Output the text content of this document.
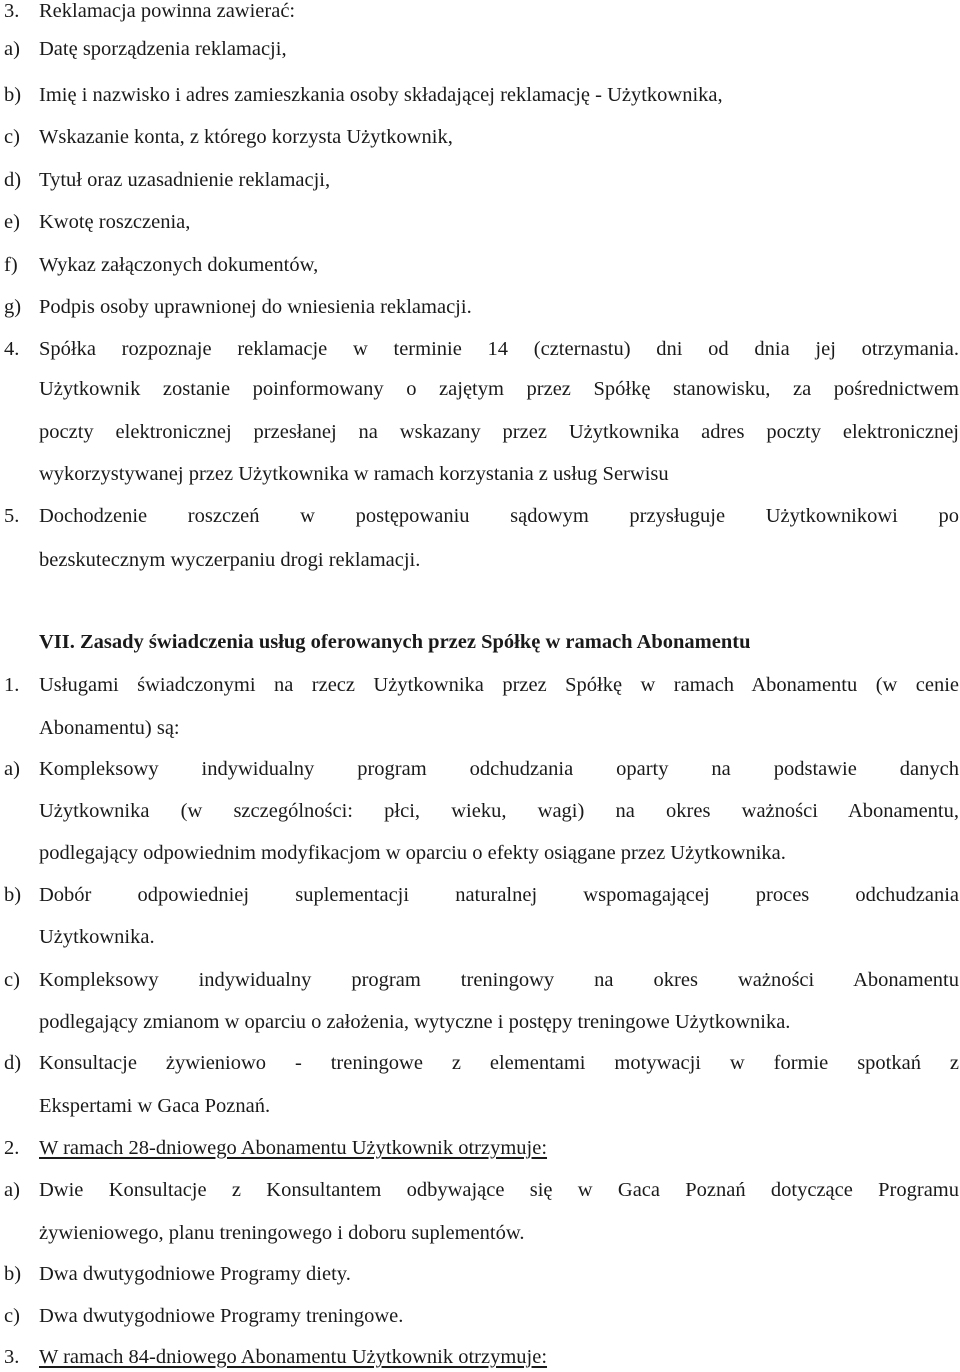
3. Reklamacja powinna zawierać:
a) Datę sporządzenia reklamacji,
b) Imię i nazwisko i adres zamieszkania osoby składającej reklamację - Użytkownika,
c) Wskazanie konta, z którego korzysta Użytkownik,
d) Tytuł oraz uzasadnienie reklamacji,
e) Kwotę roszczenia,
f) Wykaz załączonych dokumentów,
g) Podpis osoby uprawnionej do wniesienia reklamacji.
4. Spółka rozpoznaje reklamacje w terminie 14 (czternastu) dni od dnia jej otrzymania.
Użytkownik zostanie poinformowany o zajętym przez Spółkę stanowisku, za pośrednictwem
poczty elektronicznej przesłanej na wskazany przez Użytkownika adres poczty elektronicznej
wykorzystywanej przez Użytkownika w ramach korzystania z usług Serwisu
5. Dochodzenie roszczeń w postępowaniu sądowym przysługuje Użytkownikowi po
bezskutecznym wyczerpaniu drogi reklamacji.
VII. Zasady świadczenia usług oferowanych przez Spółkę w ramach Abonamentu
1. Usługami świadczonymi na rzecz Użytkownika przez Spółkę w ramach Abonamentu (w cenie
Abonamentu) są:
a) Kompleksowy indywidualny program odchudzania oparty na podstawie danych
Użytkownika (w szczególności: płci, wieku, wagi) na okres ważności Abonamentu,
podlegający odpowiednim modyfikacjom w oparciu o efekty osiągane przez Użytkownika.
b) Dobór odpowiedniej suplementacji naturalnej wspomagającej proces odchudzania
Użytkownika.
c) Kompleksowy indywidualny program treningowy na okres ważności Abonamentu
podlegający zmianom w oparciu o założenia, wytyczne i postępy treningowe Użytkownika.
d) Konsultacje żywieniowo - treningowe z elementami motywacji w formie spotkań z
Ekspertami w Gaca Poznań.
2. W ramach 28-dniowego Abonamentu Użytkownik otrzymuje:
a) Dwie Konsultacje z Konsultantem odbywające się w Gaca Poznań dotyczące Programu
żywieniowego, planu treningowego i doboru suplementów.
b) Dwa dwutygodniowe Programy diety.
c) Dwa dwutygodniowe Programy treningowe.
3. W ramach 84-dniowego Abonamentu Użytkownik otrzymuje:
